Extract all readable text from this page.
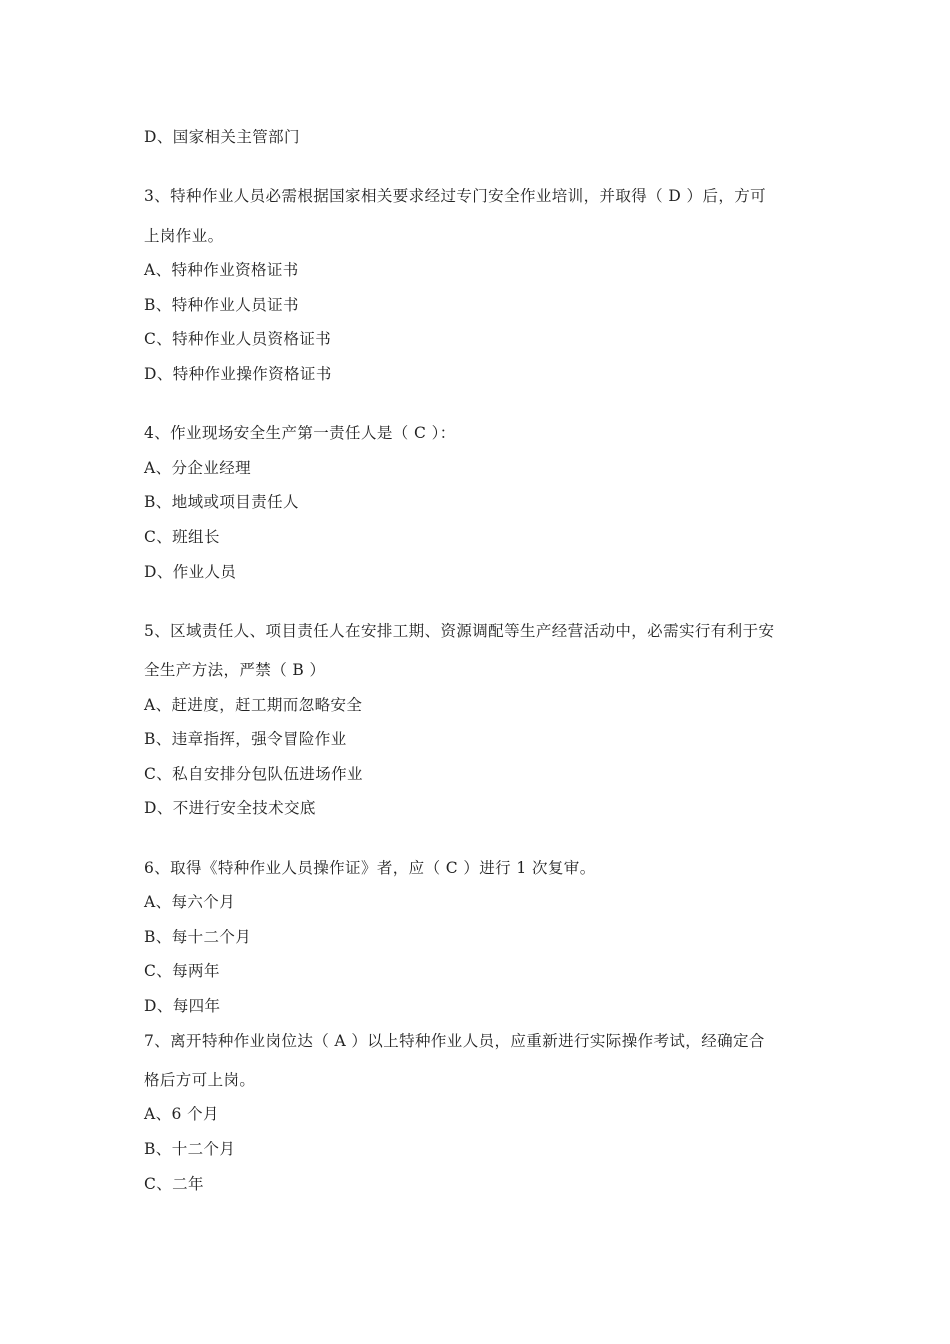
D、国家相关主管部门
3、特种作业人员必需根据国家相关要求经过专门安全作业培训，并取得（ D ）后，方可
上岗作业。
A、特种作业资格证书
B、特种作业人员证书
C、特种作业人员资格证书
D、特种作业操作资格证书
4、作业现场安全生产第一责任人是（ C ）：
A、分企业经理
B、地域或项目责任人
C、班组长
D、作业人员
5、区域责任人、项目责任人在安排工期、资源调配等生产经营活动中，必需实行有利于安
全生产方法，严禁（ B ）
A、赶进度，赶工期而忽略安全
B、违章指挥，强令冒险作业
C、私自安排分包队伍进场作业
D、不进行安全技术交底
6、取得《特种作业人员操作证》者，应（ C ）进行 1 次复审。
A、每六个月
B、每十二个月
C、每两年
D、每四年
7、离开特种作业岗位达（ A ）以上特种作业人员，应重新进行实际操作考试，经确定合
格后方可上岗。
A、6 个月
B、十二个月
C、二年
